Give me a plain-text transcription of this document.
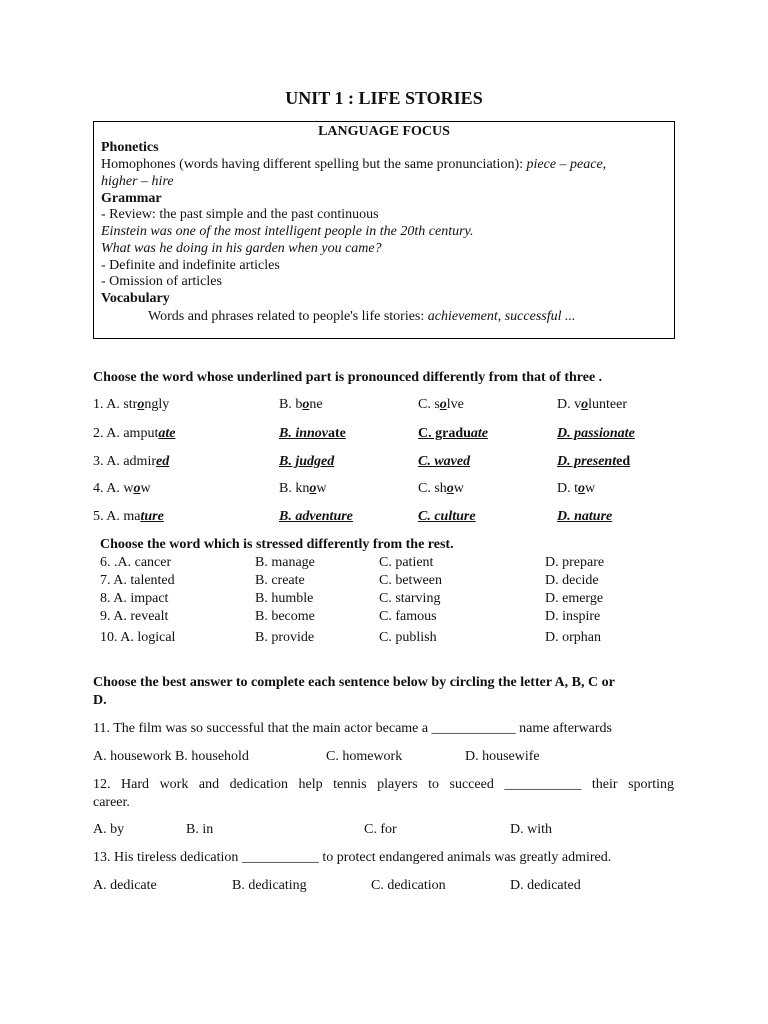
UNIT 1 : LIFE STORIES
LANGUAGE FOCUS
Phonetics
Homophones (words having different spelling but the same pronunciation): piece – peace,
higher – hire
Grammar
- Review: the past simple and the past continuous
Einstein was one of the most intelligent people in the 20th century.
What was he doing in his garden when you came?
- Definite and indefinite articles
- Omission of articles
Vocabulary
Words and phrases related to people's life stories: achievement, successful ...
Choose the word whose underlined part is pronounced differently from that of three .
1. A. strongly	B. bone	C. solve	D. volunteer
2. A. amputate	B. innovate	C. graduate	D. passionate
3. A. admired	B. judged	C. waved	D. presented
4. A. wow	B. know	C. show	D. tow
5. A. mature	B. adventure	C. culture	D. nature
Choose the word which is stressed differently from the rest.
6. .A. cancer	B. manage	C. patient	D. prepare
7. A. talented	B. create	C. between	D. decide
8. A. impact	B. humble	C. starving	D. emerge
9. A. revealt	B. become	C. famous	D. inspire
10. A. logical	B. provide	C. publish	D. orphan
Choose the best answer to complete each sentence below by circling the letter A, B, C or
D.
11. The film was so successful that the main actor became a ____________ name afterwards
A. housework B. household	C. homework	D. housewife
12. Hard work and dedication help tennis players to succeed ___________ their sporting
career.
A. by	B. in	C. for	D. with
13. His tireless dedication ___________ to protect endangered animals was greatly admired.
A. dedicate	B. dedicating	C. dedication	D. dedicated
